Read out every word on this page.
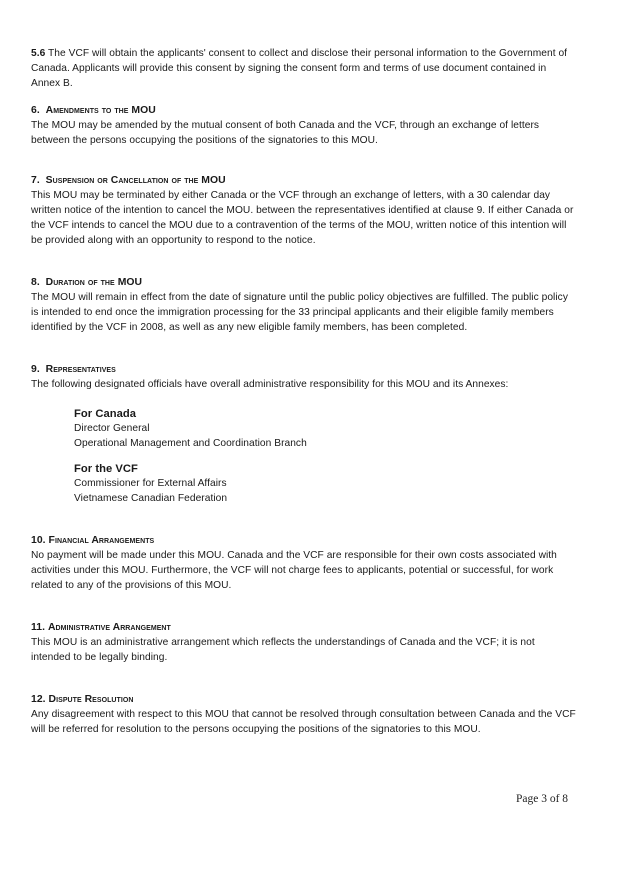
5.6 The VCF will obtain the applicants' consent to collect and disclose their personal information to the Government of Canada. Applicants will provide this consent by signing the consent form and terms of use document contained in Annex B.

6. Amendments to the MOU

The MOU may be amended by the mutual consent of both Canada and the VCF, through an exchange of letters between the persons occupying the positions of the signatories to this MOU.

7. Suspension or Cancellation of the MOU

This MOU may be terminated by either Canada or the VCF through an exchange of letters, with a 30 calendar day written notice of the intention to cancel the MOU. between the representatives identified at clause 9. If either Canada or the VCF intends to cancel the MOU due to a contravention of the terms of the MOU, written notice of this intention will be provided along with an opportunity to respond to the notice.

8. Duration of the MOU

The MOU will remain in effect from the date of signature until the public policy objectives are fulfilled. The public policy is intended to end once the immigration processing for the 33 principal applicants and their eligible family members identified by the VCF in 2008, as well as any new eligible family members, has been completed.

9. Representatives

The following designated officials have overall administrative responsibility for this MOU and its Annexes:

For Canada
Director General
Operational Management and Coordination Branch
For the VCF
Commissioner for External Affairs
Vietnamese Canadian Federation

10. Financial Arrangements

No payment will be made under this MOU. Canada and the VCF are responsible for their own costs associated with activities under this MOU. Furthermore, the VCF will not charge fees to applicants, potential or successful, for work related to any of the provisions of this MOU.

11. Administrative Arrangement

This MOU is an administrative arrangement which reflects the understandings of Canada and the VCF; it is not intended to be legally binding.

12. Dispute Resolution

Any disagreement with respect to this MOU that cannot be resolved through consultation between Canada and the VCF will be referred for resolution to the persons occupying the positions of the signatories to this MOU.

Page 3 of 8
